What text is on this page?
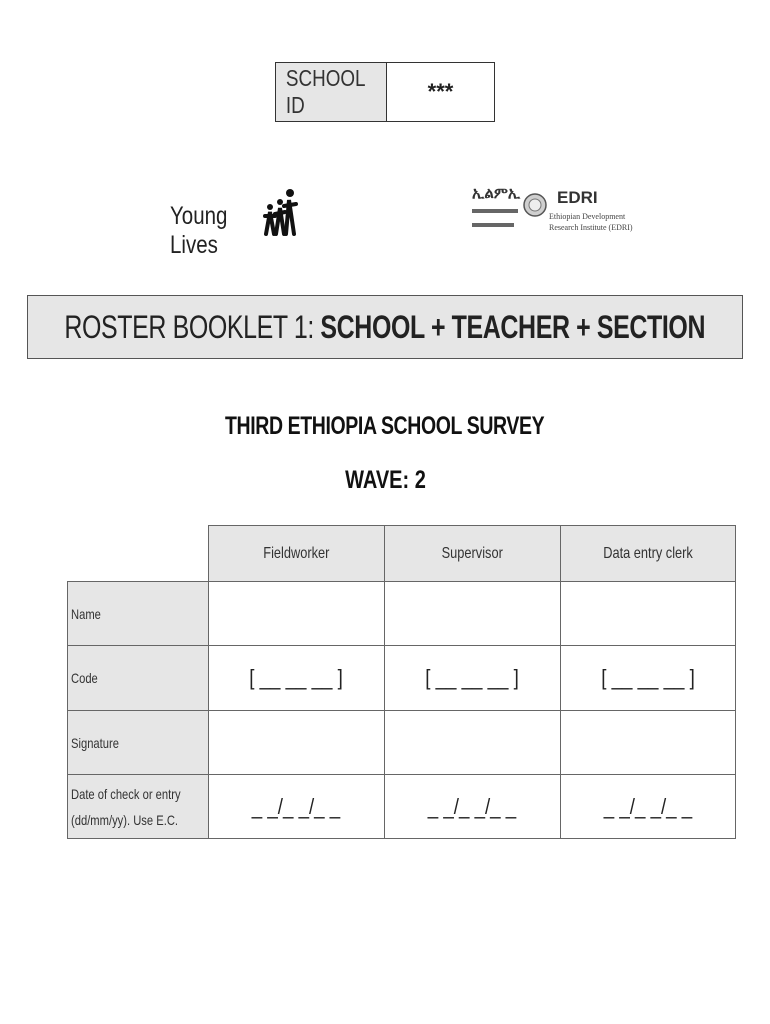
SCHOOL ID
***
Young Lives
ኢልምኢ EDRI
Ethiopian Development
Research Institute (EDRI)
ROSTER BOOKLET 1: SCHOOL + TEACHER + SECTION
THIRD ETHIOPIA SCHOOL SURVEY
WAVE: 2
	Fieldworker	Supervisor	Data entry clerk
Name			
Code	[ __ __ __ ]	[ __ __ __ ]	[ __ __ __ ]
Signature			
Date of check or entry
(dd/mm/yy). Use E.C.	_ _/_ _/_ _	_ _/_ _/_ _	_ _/_ _/_ _
